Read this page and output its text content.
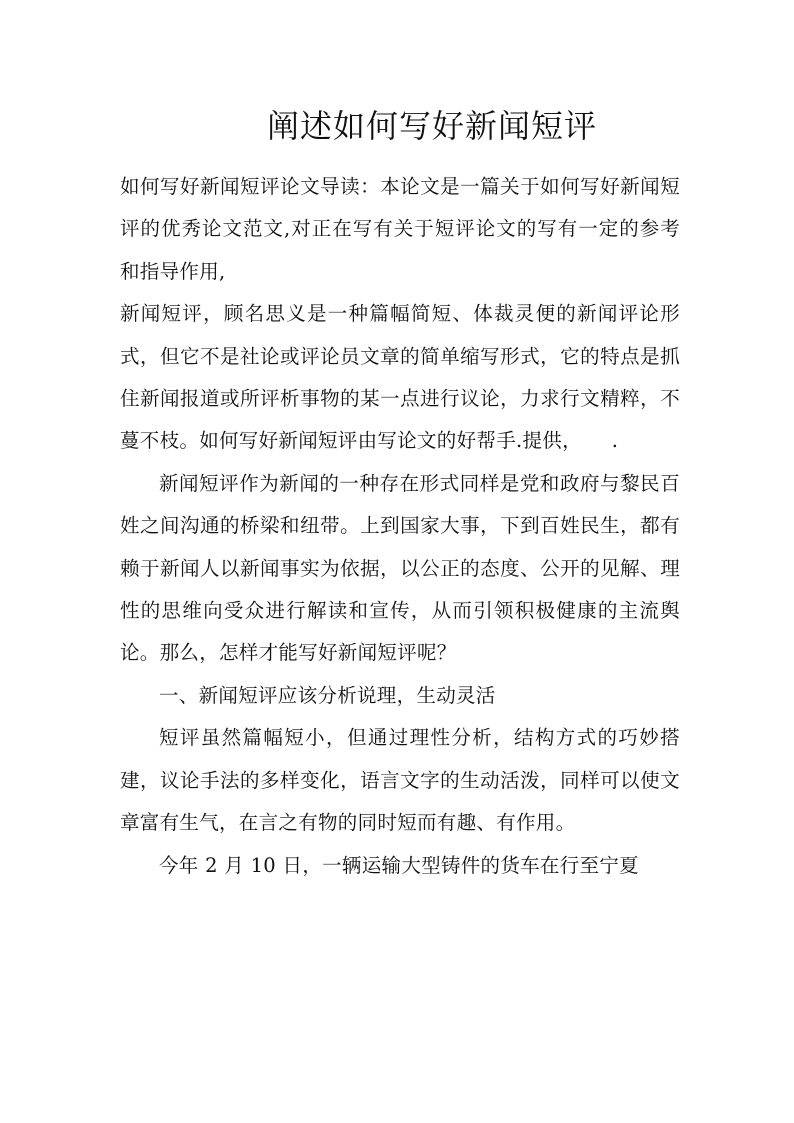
阐述如何写好新闻短评

如何写好新闻短评论文导读：本论文是一篇关于如何写好新闻短评的优秀论文范文,对正在写有关于短评论文的写有一定的参考和指导作用,

新闻短评，顾名思义是一种篇幅简短、体裁灵便的新闻评论形式，但它不是社论或评论员文章的简单缩写形式，它的特点是抓住新闻报道或所评析事物的某一点进行议论，力求行文精粹，不蔓不枝。如何写好新闻短评由写论文的好帮手.提供，　　.

新闻短评作为新闻的一种存在形式同样是党和政府与黎民百姓之间沟通的桥梁和纽带。上到国家大事，下到百姓民生，都有赖于新闻人以新闻事实为依据，以公正的态度、公开的见解、理性的思维向受众进行解读和宣传，从而引领积极健康的主流舆论。那么，怎样才能写好新闻短评呢？

一、新闻短评应该分析说理，生动灵活

短评虽然篇幅短小，但通过理性分析，结构方式的巧妙搭建，议论手法的多样变化，语言文字的生动活泼，同样可以使文章富有生气，在言之有物的同时短而有趣、有作用。

今年 2 月 10 日，一辆运输大型铸件的货车在行至宁夏
